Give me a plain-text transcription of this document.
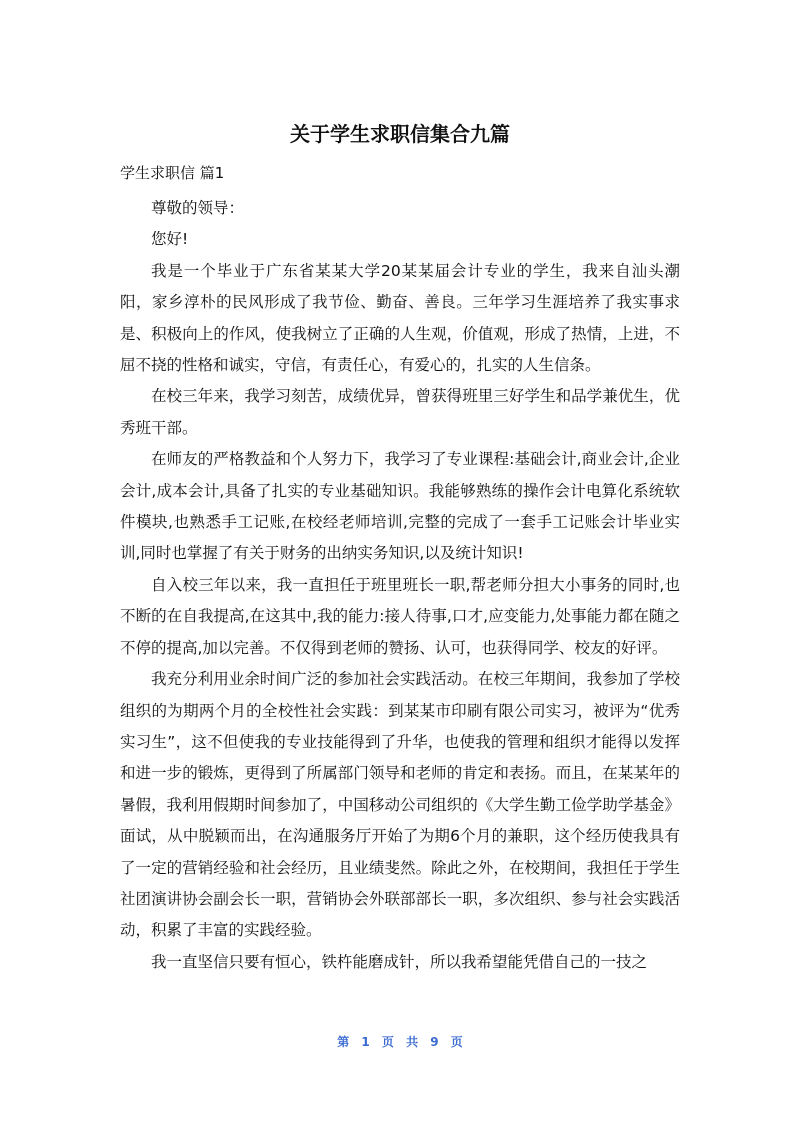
关于学生求职信集合九篇
学生求职信 篇1

尊敬的领导：

您好!

我是一个毕业于广东省某某大学20某某届会计专业的学生，我来自汕头潮阳，家乡淳朴的民风形成了我节俭、勤奋、善良。三年学习生涯培养了我实事求是、积极向上的作风，使我树立了正确的人生观，价值观，形成了热情，上进，不屈不挠的性格和诚实，守信，有责任心，有爱心的，扎实的人生信条。

在校三年来，我学习刻苦，成绩优异，曾获得班里三好学生和品学兼优生，优秀班干部。

在师友的严格教益和个人努力下，我学习了专业课程:基础会计,商业会计,企业会计,成本会计,具备了扎实的专业基础知识。我能够熟练的操作会计电算化系统软件模块,也熟悉手工记账,在校经老师培训,完整的完成了一套手工记账会计毕业实训,同时也掌握了有关于财务的出纳实务知识,以及统计知识!

自入校三年以来，我一直担任于班里班长一职,帮老师分担大小事务的同时,也不断的在自我提高,在这其中,我的能力:接人待事,口才,应变能力,处事能力都在随之不停的提高,加以完善。不仅得到老师的赞扬、认可，也获得同学、校友的好评。

我充分利用业余时间广泛的参加社会实践活动。在校三年期间，我参加了学校组织的为期两个月的全校性社会实践：到某某市印刷有限公司实习，被评为“优秀实习生”，这不但使我的专业技能得到了升华，也使我的管理和组织才能得以发挥和进一步的锻炼，更得到了所属部门领导和老师的肯定和表扬。而且，在某某年的暑假，我利用假期时间参加了，中国移动公司组织的《大学生勤工俭学助学基金》面试，从中脱颖而出，在沟通服务厅开始了为期6个月的兼职，这个经历使我具有了一定的营销经验和社会经历，且业绩斐然。除此之外，在校期间，我担任于学生社团演讲协会副会长一职，营销协会外联部部长一职，多次组织、参与社会实践活动，积累了丰富的实践经验。

我一直坚信只要有恒心，铁杵能磨成针，所以我希望能凭借自己的一技之

第 1 页 共 9 页
